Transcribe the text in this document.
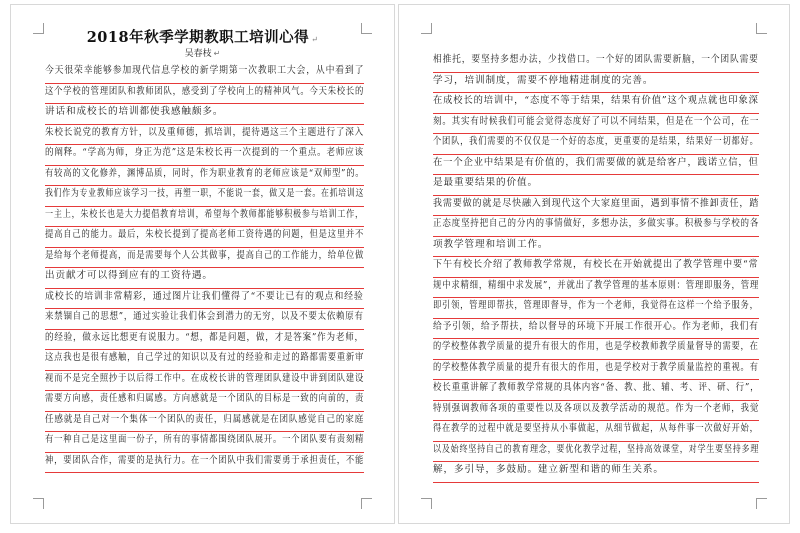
2018年秋季学期教职工培训心得 ↵
吴春枝 ↵
今天很荣幸能够参加现代信息学校的新学期第一次教职工大会，从中看到了
这个学校的管理团队和教师团队，感受到了学校向上的精神风气。今天朱校长的
讲话和成校长的培训都使我感触颇多。
朱校长说党的教育方针，以及重师德，抓培训，提待遇这三个主题进行了深入
的阐释。“学高为师，身正为范”这是朱校长再一次提到的一个重点。老师应该
有较高的文化修养，渊博品质，同时，作为职业教育的老师应该是“双师型”的。
我们作为专业教师应该学习一技，再塑一职，不能说一套，做又是一套。在抓培训这
一主上，朱校长也是大力提倡教育培训，希望每个教师都能够积极参与培训工作，
提高自己的能力。最后，朱校长提到了提高老师工资待遇的问题，但是这里并不
是给每个老师提高，而是需要每个人公其做事，提高自己的工作能力，给单位做
出贡献才可以得到应有的工资待遇。
成校长的培训非常精彩，通过图片让我们懂得了“不要让已有的观点和经验
来禁锢自己的思想”，通过实验让我们体会到潜力的无穷，以及不要太依赖原有
的经验，做永远比想更有说服力。“想，都是问题，做，才是答案”作为老师，
这点我也是很有感触，自己学过的知识以及有过的经验和走过的路都需要重新审
视而不是完全照抄于以后得工作中。在成校长讲的管理团队建设中讲到团队建设
需要方向感，责任感和归属感。方向感就是一个团队的目标是一致的向前的，责
任感就是自己对一个集体一个团队的责任，归属感就是在团队感觉自己的家庭
有一种自己是这里面一份子，所有的事情都围绕团队展开。一个团队要有责刻精
神，要团队合作，需要的是执行力。在一个团队中我们需要勇于承担责任，不能
相推托，要坚持多想办法，少找借口。一个好的团队需要新脑，一个团队需要
学习，培训制度，需要不停地精进制度的完善。
在成校长的培训中，“态度不等于结果，结果有价值”这个观点就也印象深
刻。其实有时候我们可能会觉得态度好了可以不同结果，但是在一个公司，在一
个团队，我们需要的不仅仅是一个好的态度，更重要的是结果，结果好一切都好。
在一个企业中结果是有价值的，我们需要做的就是给客户，践诺立信，但
是最重要结果的价值。
我需要做的就是尽快融入到现代这个大家庭里面，遇到事情不推卸责任，踏
正态度坚持把自己的分内的事情做好，多想办法，多做实事。积极参与学校的各
项教学管理和培训工作。
下午有校长介绍了教师教学常规，有校长在开始就提出了教学管理中要“常
规中求精细，精细中求发展”，并就出了教学管理的基本原则：管理即服务，管理
即引领，管理即帮扶，管理即督导，作为一个老师，我觉得在这样一个给予服务，
给予引领，给予帮扶，给以督导的环境下开展工作很开心。作为老师，我们有
的学校整体教学质量的提升有很大的作用，也是学校教师教学质量督导的需要，在
的学校整体教学质量的提升有很大的作用，也是学校对于教学质量监控的重视。有
校长重重讲解了教师教学常规的具体内容“备、教、批、辅、考、评、研、行”，
特别强调教师各项的重要性以及各项以及教学活动的规范。作为一个老师，我觉
得在教学的过程中就是要坚持从小事做起，从细节做起，从每件事一次做好开始，
以及始终坚持自己的教育理念，要优化教学过程，坚持高效课堂，对学生要坚持多理
解，多引导，多鼓励。建立新型和谐的师生关系。
